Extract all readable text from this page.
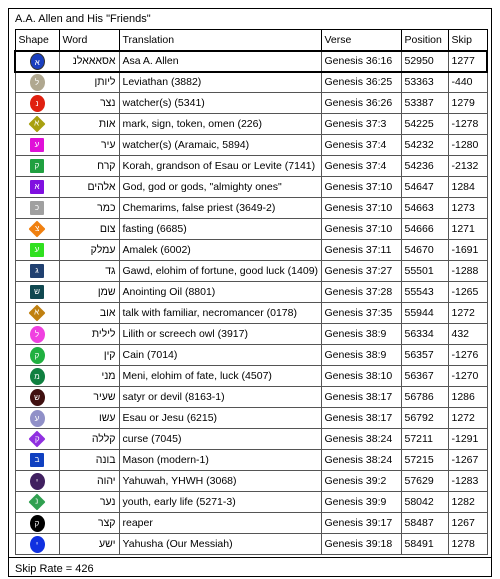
A.A. Allen and His "Friends"
Shape	Word	Translation	Verse	Position	Skip
א	אסאאאלנ	Asa A. Allen	Genesis 36:16	52950	1277
ל	ליותן	Leviathan (3882)	Genesis 36:25	53363	-440
נ	נצר	watcher(s) (5341)	Genesis 36:26	53387	1279
א	אות	mark, sign, token, omen (226)	Genesis 37:3	54225	-1278
ע	עיר	watcher(s) (Aramaic, 5894)	Genesis 37:4	54232	-1280
ק	קרח	Korah, grandson of Esau or Levite (7141)	Genesis 37:4	54236	-2132
א	אלהים	God, god or gods, "almighty ones"	Genesis 37:10	54647	1284
כ	כמר	Chemarims, false priest (3649-2)	Genesis 37:10	54663	1273
צ	צום	fasting (6685)	Genesis 37:10	54666	1271
ע	עמלק	Amalek (6002)	Genesis 37:11	54670	-1691
ג	גד	Gawd, elohim of fortune, good luck (1409)	Genesis 37:27	55501	-1288
ש	שמן	Anointing Oil (8801)	Genesis 37:28	55543	-1265
א	אוב	talk with familiar, necromancer (0178)	Genesis 37:35	55944	1272
ל	לילית	Lilith or screech owl (3917)	Genesis 38:9	56334	432
ק	קין	Cain (7014)	Genesis 38:9	56357	-1276
מ	מני	Meni, elohim of fate, luck (4507)	Genesis 38:10	56367	-1270
ש	שעיר	satyr or devil (8163-1)	Genesis 38:17	56786	1286
ע	עשו	Esau or Jesu (6215)	Genesis 38:17	56792	1272
ק	קללה	curse (7045)	Genesis 38:24	57211	-1291
ב	בונה	Mason (modern-1)	Genesis 38:24	57215	-1267
י	יהוה	Yahuwah, YHWH (3068)	Genesis 39:2	57629	-1283
נ	נער	youth, early life (5271-3)	Genesis 39:9	58042	1282
ק	קצר	reaper	Genesis 39:17	58487	1267
י	ישע	Yahusha (Our Messiah)	Genesis 39:18	58491	1278
Skip Rate = 426
